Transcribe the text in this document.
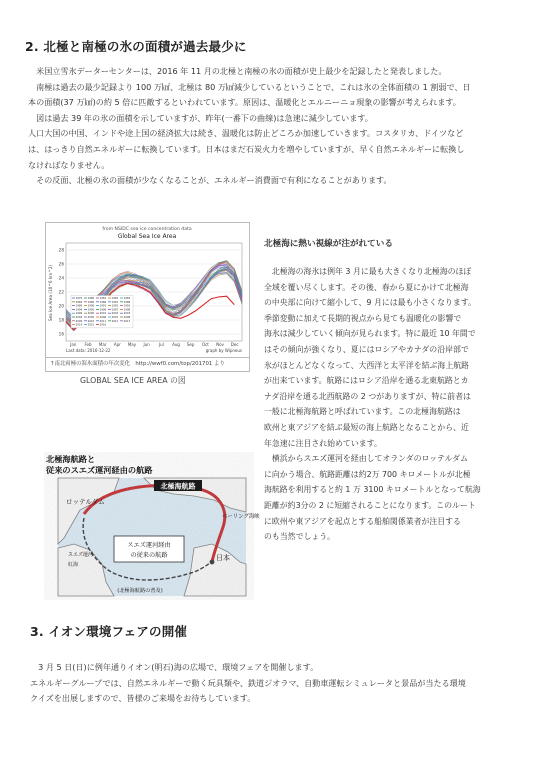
2. 北極と南極の氷の面積が過去最少に
　米国立雪氷データーセンターは、2016 年 11 月の北極と南極の氷の面積が史上最少を記録したと発表しました。
　南極は過去の最少記録より 100 万㎢、北極は 80 万㎢減少しているということで、これは氷の全体面積の 1 割弱で、日
本の面積(37 万㎢)の約 5 倍に匹敵するといわれています。原因は、温暖化とエルニーニョ現象の影響が考えられます。
　図は過去 39 年の氷の面積を示していますが、昨年(一番下の曲線)は急速に減少しています。
人口大国の中国、インドや途上国の経済拡大は続き、温暖化は防止どころか加速していきます。コスタリカ、ドイツなど
は、はっきり自然エネルギーに転換しています。日本はまだ石炭火力を増やしていますが、早く自然エネルギーに転換し
なければなりません。
　その反面、北極の氷の面積が少なくなることが、エネルギー消費面で有利になることがあります。
from NSIDC sea ice concentration data
Global Sea Ice Area
Sea Ice Area (10^6 km^2)
16
18
20
22
24
26
28
Jan Feb Mar Apr May Jun Jul Aug Sep Oct Nov Dec
1979 1980 1981 1982 1983
1984 1985 1986 1987 1988
1989 1990 1991 1992 1993
1994 1995 1996 1997 1998
1999 2000 2001 2002 2003
2004 2005 2006 2007 2008
2009 2010 2011 2012 2013
2014 2015 2016
Last data: 2016-12-22	graph by Wipneus
↑南北両極の海氷面積の年次変化　http://wwf0.com/top/201701 より
GLOBAL SEA ICE AREA の図
北極海航路と
従来のスエズ運河経由の航路
北極海航路
ロッテルダム
ベーリング海峡
日本
スエズ運河
紅海
スエズ運河経由
の従来の航路
(北極海航路の普及)
北極海に熱い視線が注がれている
　北極海の海氷は例年 3 月に最も大きくなり北極海のほぼ
全域を覆い尽くします。その後、春から夏にかけて北極海
の中央部に向けて縮小して、9 月には最も小さくなります。
季節変動に加えて長期的視点から見ても温暖化の影響で
海氷は減少していく傾向が見られます。特に最近 10 年間で
はその傾向が強くなり、夏にはロシアやカナダの沿岸部で
氷がほとんどなくなって、大西洋と太平洋を結ぶ海上航路
が出来ています。航路にはロシア沿岸を通る北東航路とカ
ナダ沿岸を通る北西航路の 2 つがありますが、特に前者は
一般に北極海航路と呼ばれています。この北極海航路は
欧州と東アジアを結ぶ最短の海上航路となることから、近
年急速に注目され始めています。
　横浜からスエズ運河を経由してオランダのロッテルダム
に向かう場合、航路距離は約2万 700 キロメートルが北極
海航路を利用すると約 1 万 3100 キロメートルとなって航海
距離が約3分の 2 に短縮されることになります。このルート
に欧州や東アジアを起点とする船舶関係業者が注目する
のも当然でしょう。
3. イオン環境フェアの開催
　3 月 5 日(日)に例年通りイオン(明石)海の広場で、環境フェアを開催します。
エネルギーグループでは、自然エネルギーで動く玩具類や、鉄道ジオラマ、自動車運転シミュレータと景品が当たる環境
クイズを出展しますので、皆様のご来場をお待ちしています。
